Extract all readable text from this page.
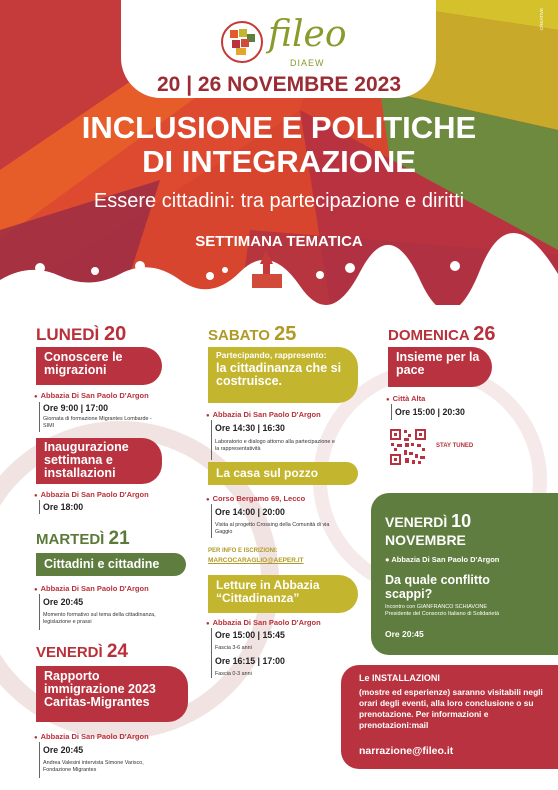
fileo
DIAEW
CREATIVE
20 | 26 NOVEMBRE 2023
INCLUSIONE E POLITICHE
DI INTEGRAZIONE
Essere cittadini: tra partecipazione e diritti
SETTIMANA TEMATICA
LUNEDÌ 20
Conoscere le migrazioni
● Abbazia Di San Paolo D'Argon
Ore 9:00 | 17:00
Giornata di formazione Migrantes Lombarde - SIMI
Inaugurazione settimana e installazioni
● Abbazia Di San Paolo D'Argon
Ore 18:00
MARTEDÌ 21
Cittadini e cittadine
● Abbazia Di San Paolo D'Argon
Ore 20:45
Momento formativo sul tema della cittadinanza, legislazione e prassi
VENERDÌ 24
Rapporto immigrazione 2023 Caritas-Migrantes
● Abbazia Di San Paolo D'Argon
Ore 20:45
Andrea Valesini intervista Simone Varisco, Fondazione Migrantes
SABATO 25
Partecipando, rappresento:
la cittadinanza che si costruisce.
● Abbazia Di San Paolo D'Argon
Ore 14:30 | 16:30
Laboratorio e dialogo attorno alla partecipazione e la rappresentatività
La casa sul pozzo
● Corso Bergamo 69, Lecco
Ore 14:00 | 20:00
Visita al progetto Crossing della Comunità di via Gaggio
PER INFO E ISCRIZIONI:
MARCOCARAGLIO@AEPER.IT
Letture in Abbazia “Cittadinanza”
● Abbazia Di San Paolo D'Argon
Ore 15:00 | 15:45
Fascia 3-6 anni
Ore 16:15 | 17:00
Fascia 0-3 anni
DOMENICA 26
Insieme per la pace
● Città Alta
Ore 15:00 | 20:30
STAY TUNED
VENERDÌ 10
NOVEMBRE
● Abbazia Di San Paolo D'Argon
Da quale conflitto scappi?
Incontro con GIANFRANCO SCHIAVONE
Presidente del Consorzio Italiano di Solidarietà
Ore 20:45
Le INSTALLAZIONI
(mostre ed esperienze) saranno visitabili negli orari degli eventi, alla loro conclusione o su prenotazione. Per informazioni e prenotazioni:mail
narrazione@fileo.it
